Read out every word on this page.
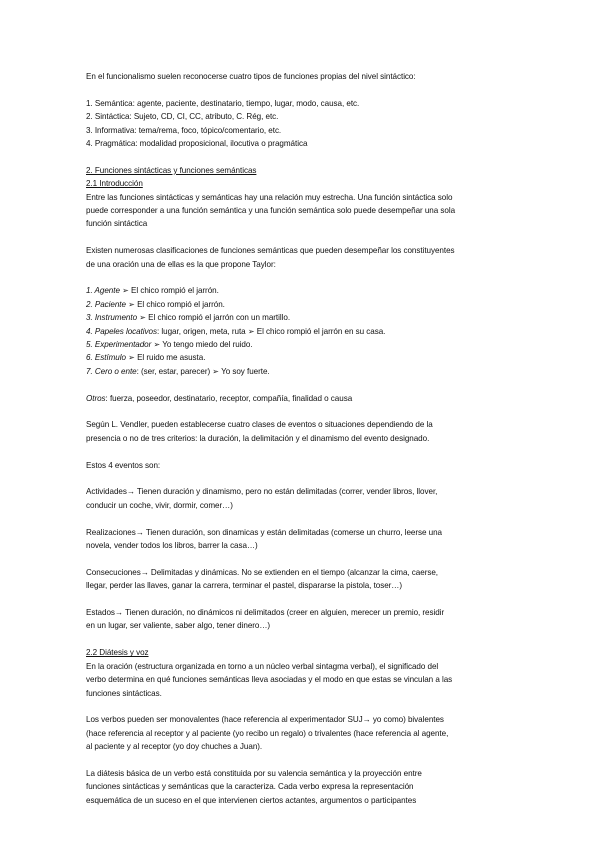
En el funcionalismo suelen reconocerse cuatro tipos de funciones propias del nivel sintáctico:
1. Semántica: agente, paciente, destinatario, tiempo, lugar, modo, causa, etc.
2. Sintáctica: Sujeto, CD, CI, CC, atributo, C. Rég, etc.
3. Informativa: tema/rema, foco, tópico/comentario, etc.
4. Pragmática: modalidad proposicional, ilocutiva o pragmática
2. Funciones sintácticas y funciones semánticas
2.1 Introducción
Entre las funciones sintácticas y semánticas hay una relación muy estrecha. Una función sintáctica solo
puede corresponder a una función semántica y una función semántica solo puede desempeñar una sola
función sintáctica
Existen numerosas clasificaciones de funciones semánticas que pueden desempeñar los constituyentes
de una oración una de ellas es la que propone Taylor:
1. Agente ➢ El chico rompió el jarrón.
2. Paciente ➢ El chico rompió el jarrón.
3. Instrumento ➢ El chico rompió el jarrón con un martillo.
4. Papeles locativos: lugar, origen, meta, ruta ➢ El chico rompió el jarrón en su casa.
5. Experimentador ➢ Yo tengo miedo del ruido.
6. Estímulo ➢ El ruido me asusta.
7. Cero o ente: (ser, estar, parecer) ➢ Yo soy fuerte.
Otros: fuerza, poseedor, destinatario, receptor, compañía, finalidad o causa
Según L. Vendler, pueden establecerse cuatro clases de eventos o situaciones dependiendo de la
presencia o no de tres criterios: la duración, la delimitación y el dinamismo del evento designado.
Estos 4 eventos son:
Actividades→ Tienen duración y dinamismo, pero no están delimitadas (correr, vender libros, llover,
conducir un coche, vivir, dormir, comer…)
Realizaciones→ Tienen duración, son dinamicas y están delimitadas (comerse un churro, leerse una
novela, vender todos los libros, barrer la casa…)
Consecuciones→ Delimitadas y dinámicas. No se extienden en el tiempo (alcanzar la cima, caerse,
llegar, perder las llaves, ganar la carrera, terminar el pastel, dispararse la pistola, toser…)
Estados→ Tienen duración, no dinámicos ni delimitados (creer en alguien, merecer un premio, residir
en un lugar, ser valiente, saber algo, tener dinero…)
2.2 Diátesis y voz
En la oración (estructura organizada en torno a un núcleo verbal sintagma verbal), el significado del
verbo determina en qué funciones semánticas lleva asociadas y el modo en que estas se vinculan a las
funciones sintácticas.
Los verbos pueden ser monovalentes (hace referencia al experimentador SUJ→ yo como) bivalentes
(hace referencia al receptor y al paciente (yo recibo un regalo) o trivalentes (hace referencia al agente,
al paciente y al receptor (yo doy chuches a Juan).
La diátesis básica de un verbo está constituida por su valencia semántica y la proyección entre
funciones sintácticas y semánticas que la caracteriza. Cada verbo expresa la representación
esquemática de un suceso en el que intervienen ciertos actantes, argumentos o participantes
